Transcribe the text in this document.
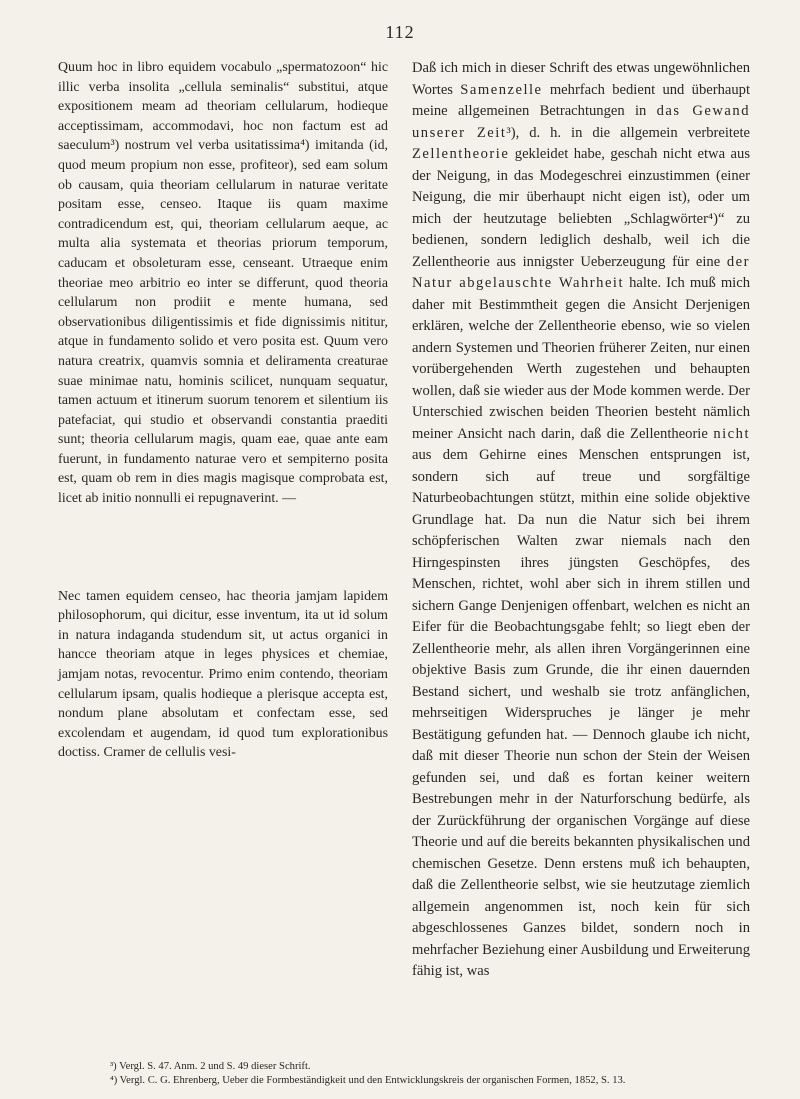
112

Quum hoc in libro equidem vocabulo „spermatozoon“ hic illic verba insolita „cellula seminalis“ substitui, atque expositionem meam ad theoriam cellularum, hodieque acceptissimam, accommodavi, hoc non factum est ad saeculum³) nostrum vel verba usitatissima⁴) imitanda (id, quod meum propium non esse, profiteor), sed eam solum ob causam, quia theoriam cellularum in naturae veritate positam esse, censeo. Itaque iis quam maxime contradicendum est, qui, theoriam cellularum aeque, ac multa alia systemata et theorias priorum temporum, caducam et obsoleturam esse, censeant. Utraeque enim theoriae meo arbitrio eo inter se differunt, quod theoria cellularum non prodiit e mente humana, sed observationibus diligentissimis et fide dignissimis nititur, atque in fundamento solido et vero posita est. Quum vero natura creatrix, quamvis somnia et deliramenta creaturae suae minimae natu, hominis scilicet, nunquam sequatur, tamen actuum et itinerum suorum tenorem et silentium iis patefaciat, qui studio et observandi constantia praediti sunt; theoria cellularum magis, quam eae, quae ante eam fuerunt, in fundamento naturae vero et sempiterno posita est, quam ob rem in dies magis magisque comprobata est, licet ab initio nonnulli ei repugnaverint. —

Nec tamen equidem censeo, hac theoria jamjam lapidem philosophorum, qui dicitur, esse inventum, ita ut id solum in natura indaganda studendum sit, ut actus organici in hancce theoriam atque in leges physices et chemiae, jamjam notas, revocentur. Primo enim contendo, theoriam cellularum ipsam, qualis hodieque a plerisque accepta est, nondum plane absolutam et confectam esse, sed excolendam et augendam, id quod tum explorationibus doctiss. Cramer de cellulis vesi-

Daß ich mich in dieser Schrift des etwas ungewöhnlichen Wortes Samenzelle mehrfach bedient und überhaupt meine allgemeinen Betrachtungen in das Gewand unserer Zeit³), d. h. in die allgemein verbreitete Zellentheorie gekleidet habe, geschah nicht etwa aus der Neigung, in das Modegeschrei einzustimmen (einer Neigung, die mir überhaupt nicht eigen ist), oder um mich der heutzutage beliebten „Schlagwörter⁴)“ zu bedienen, sondern lediglich deshalb, weil ich die Zellentheorie aus innigster Ueberzeugung für eine der Natur abgelauschte Wahrheit halte. Ich muß mich daher mit Bestimmtheit gegen die Ansicht Derjenigen erklären, welche der Zellentheorie ebenso, wie so vielen andern Systemen und Theorien früherer Zeiten, nur einen vorübergehenden Werth zugestehen und behaupten wollen, daß sie wieder aus der Mode kommen werde. Der Unterschied zwischen beiden Theorien besteht nämlich meiner Ansicht nach darin, daß die Zellentheorie nicht aus dem Gehirne eines Menschen entsprungen ist, sondern sich auf treue und sorgfältige Naturbeobachtungen stützt, mithin eine solide objektive Grundlage hat. Da nun die Natur sich bei ihrem schöpferischen Walten zwar niemals nach den Hirngespinsten ihres jüngsten Geschöpfes, des Menschen, richtet, wohl aber sich in ihrem stillen und sichern Gange Denjenigen offenbart, welchen es nicht an Eifer für die Beobachtungsgabe fehlt; so liegt eben der Zellentheorie mehr, als allen ihren Vorgängerinnen eine objektive Basis zum Grunde, die ihr einen dauernden Bestand sichert, und weshalb sie trotz anfänglichen, mehrseitigen Widerspruches je länger je mehr Bestätigung gefunden hat. — Dennoch glaube ich nicht, daß mit dieser Theorie nun schon der Stein der Weisen gefunden sei, und daß es fortan keiner weitern Bestrebungen mehr in der Naturforschung bedürfe, als der Zurückführung der organischen Vorgänge auf diese Theorie und auf die bereits bekannten physikalischen und chemischen Gesetze. Denn erstens muß ich behaupten, daß die Zellentheorie selbst, wie sie heutzutage ziemlich allgemein angenommen ist, noch kein für sich abgeschlossenes Ganzes bildet, sondern noch in mehrfacher Beziehung einer Ausbildung und Erweiterung fähig ist, was

³) Vergl. S. 47. Anm. 2 und S. 49 dieser Schrift.
⁴) Vergl. C. G. Ehrenberg, Ueber die Formbeständigkeit und den Entwicklungskreis der organischen Formen, 1852, S. 13.
